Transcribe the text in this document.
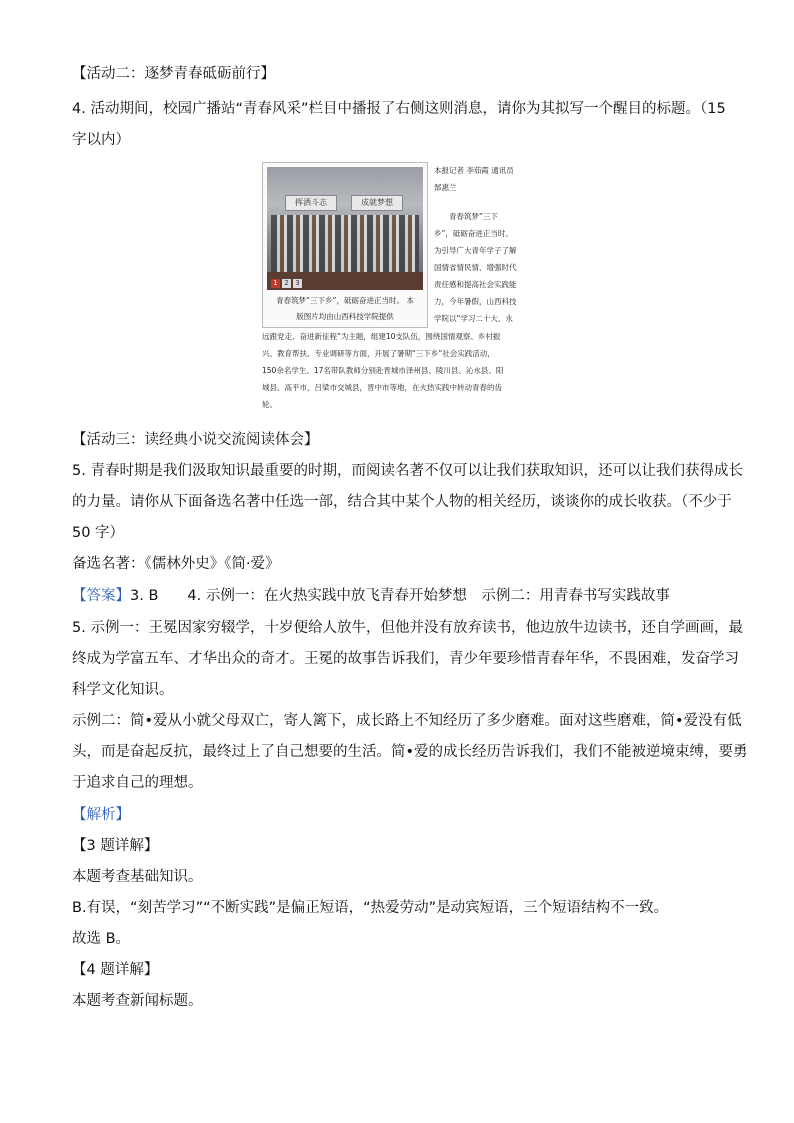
【活动二：逐梦青春砥砺前行】
4. 活动期间，校园广播站“青春风采”栏目中播报了右侧这则消息，请你为其拟写一个醒目的标题。（15
字以内）
挥洒斗志	成就梦想
1 2 3
青春筑梦“三下乡”，砥砺奋进正当时。 本
版图片均由山西科技学院提供
本报记者 李茹霞 通讯员
郜惠兰
　　青春筑梦“三下
乡”，砥砺奋进正当时。
为引导广大青年学子了解
国情省情民情、增强时代
责任感和提高社会实践能
力，今年暑假，山西科技
学院以“学习二十大、永
远跟党走、奋进新征程”为主题，组建10支队伍，围绕国情观察、乡村振
兴、教育帮扶、专业调研等方面，开展了暑期“三下乡”社会实践活动，
150余名学生、17名带队教师分别赴晋城市泽州县、陵川县、沁水县、阳
城县、高平市，吕梁市交城县，晋中市等地，在火热实践中转动青春的齿
轮。
【活动三：读经典小说交流阅读体会】
5. 青春时期是我们汲取知识最重要的时期，而阅读名著不仅可以让我们获取知识，还可以让我们获得成长
的力量。请你从下面备选名著中任选一部，结合其中某个人物的相关经历，谈谈你的成长收获。（不少于
50 字）
备选名著：《儒林外史》《简·爱》
【答案】3. B　　4. 示例一：在火热实践中放飞青春开始梦想　示例二：用青春书写实践故事
5. 示例一：王冕因家穷辍学，十岁便给人放牛，但他并没有放弃读书，他边放牛边读书，还自学画画，最
终成为学富五车、才华出众的奇才。王冕的故事告诉我们，青少年要珍惜青春年华，不畏困难，发奋学习
科学文化知识。
示例二：简•爱从小就父母双亡，寄人篱下，成长路上不知经历了多少磨难。面对这些磨难，简•爱没有低
头，而是奋起反抗，最终过上了自己想要的生活。简•爱的成长经历告诉我们，我们不能被逆境束缚，要勇
于追求自己的理想。
【解析】
【3 题详解】
本题考查基础知识。
B.有误，“刻苦学习”“不断实践”是偏正短语，“热爱劳动”是动宾短语，三个短语结构不一致。
故选 B。
【4 题详解】
本题考查新闻标题。
